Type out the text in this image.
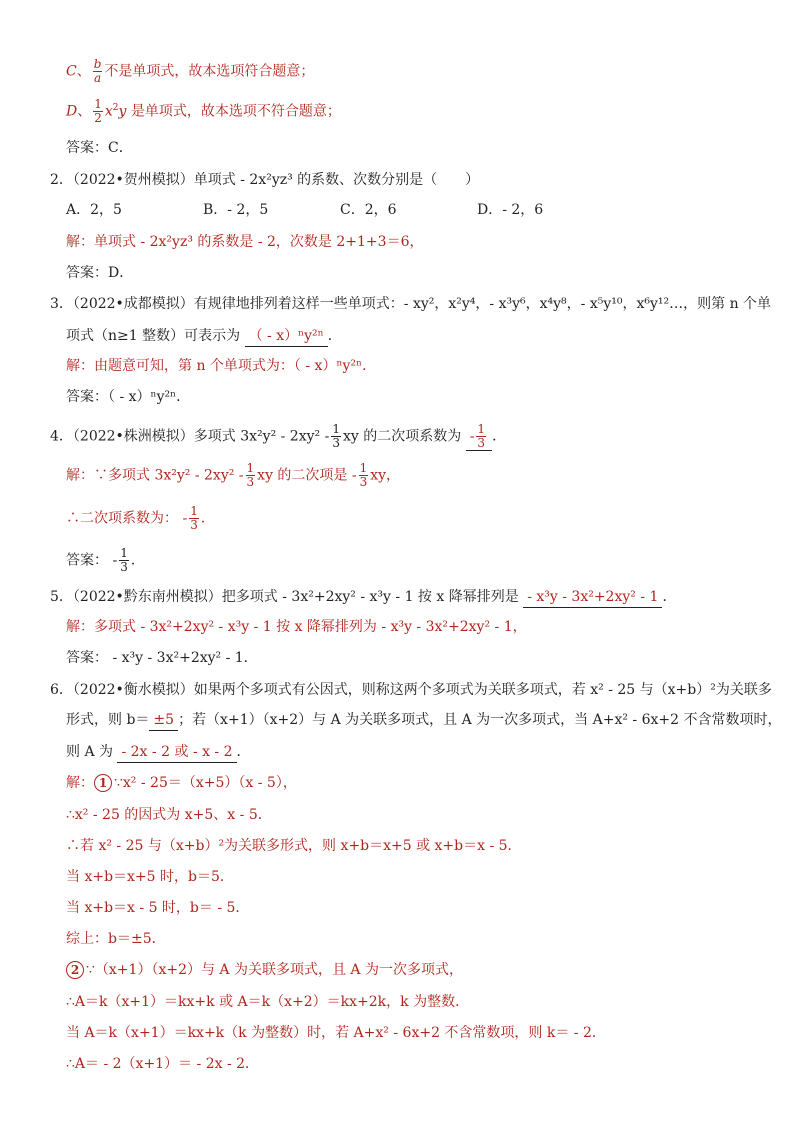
C、 $\frac{b}{a}$ 不是单项式，故本选项符合题意；
D、 $\frac{1}{2} x^2y$ 是单项式，故本选项不符合题意；
答案：C．
2．（2022•贺州模拟）单项式 - 2x²yz³ 的系数、次数分别是（　　）
A．2，5	B．- 2，5	C．2，6	D．- 2，6
解：单项式 - 2x²yz³ 的系数是 - 2，次数是 2+1+3＝6，
答案：D．
3．（2022•成都模拟）有规律地排列着这样一些单项式：- xy²，x²y⁴，- x³y⁶，x⁴y⁸，- x⁵y¹⁰，x⁶y¹²…，则第 n 个单
项式（n≥1 整数）可表示为 （ - x）ⁿy²ⁿ ．
解：由题意可知，第 n 个单项式为：（ - x）ⁿy²ⁿ．
答案：（ - x）ⁿy²ⁿ．
4．（2022•株洲模拟）多项式 $3x^2y^2 - 2xy^2 - \frac{1}{3}$ xy 的二次项系数为 - $\frac{1}{3}$ ．
解：∵多项式 $3x^2y^2 - 2xy^2 - \frac{1}{3}$ xy 的二次项是 - $\frac{1}{3}$ xy，
∴二次项系数为： - $\frac{1}{3}$ ．
答案： - $\frac{1}{3}$ ．
5．（2022•黔东南州模拟）把多项式 - 3x²+2xy² - x³y - 1 按 x 降幂排列是 - x³y - 3x²+2xy² - 1 ．
解：多项式 - 3x²+2xy² - x³y - 1 按 x 降幂排列为 - x³y - 3x²+2xy² - 1，
答案： - x³y - 3x²+2xy² - 1．
6．（2022•衡水模拟）如果两个多项式有公因式，则称这两个多项式为关联多项式，若 x² - 25 与（x+b）²为关联多
形式，则 b＝ ±5 ；若（x+1）（x+2）与 A 为关联多项式，且 A 为一次多项式，当 A+x² - 6x+2 不含常数项时，
则 A 为 - 2x - 2 或 - x - 2 ．
解： 1 ∵x² - 25＝（x+5）（x - 5），
∴x² - 25 的因式为 x+5、x - 5．
∴若 x² - 25 与（x+b）²为关联多形式，则 x+b＝x+5 或 x+b＝x - 5．
当 x+b＝x+5 时，b＝5．
当 x+b＝x - 5 时，b＝ - 5．
综上：b＝±5．
2 ∵（x+1）（x+2）与 A 为关联多项式，且 A 为一次多项式，
∴A＝k（x+1）＝kx+k 或 A＝k（x+2）＝kx+2k，k 为整数．
当 A＝k（x+1）＝kx+k（k 为整数）时，若 A+x² - 6x+2 不含常数项，则 k＝ - 2．
∴A＝ - 2（x+1）＝ - 2x - 2．
